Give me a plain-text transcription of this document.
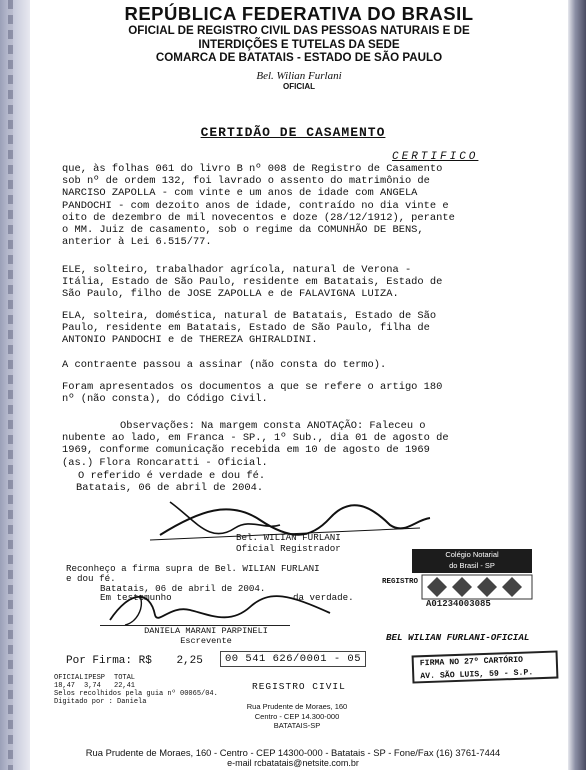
REPÚBLICA FEDERATIVA DO BRASIL
OFICIAL DE REGISTRO CIVIL DAS PESSOAS NATURAIS E DE
INTERDIÇÕES E TUTELAS DA SEDE
COMARCA DE BATATAIS - ESTADO DE SÃO PAULO
Bel. Wilian Furlani
OFICIAL
CERTIDÃO DE CASAMENTO
CERTIFICO
que, às folhas 061 do livro B nº 008 de Registro de Casamento
sob nº de ordem 132, foi lavrado o assento do matrimônio de
NARCISO ZAPOLLA - com vinte e um anos de idade com ANGELA
PANDOCHI - com dezoito anos de idade, contraído no dia vinte e
oito de dezembro de mil novecentos e doze (28/12/1912), perante
o MM. Juiz de casamento, sob o regime da COMUNHÃO DE BENS,
anterior à Lei 6.515/77.
ELE, solteiro, trabalhador agrícola, natural de Verona -
Itália, Estado de São Paulo, residente em Batatais, Estado de
São Paulo, filho de JOSE ZAPOLLA e de FALAVIGNA LUIZA.
ELA, solteira, doméstica, natural de Batatais, Estado de São
Paulo, residente em Batatais, Estado de São Paulo, filha de
ANTONIO PANDOCHI e de THEREZA GHIRALDINI.
A contraente passou a assinar (não consta do termo).
Foram apresentados os documentos a que se refere o artigo 180
nº (não consta), do Código Civil.
Observações: Na margem consta ANOTAÇÃO: Faleceu o
nubente ao lado, em Franca - SP., 1º Sub., dia 01 de agosto de
1969, conforme comunicação recebida em 10 de agosto de 1969
(as.) Flora Roncaratti - Oficial.
O referido é verdade e dou fé.
Batatais, 06 de abril de 2004.
Bel. WILIAN FURLANI
Oficial Registrador
Reconheço a firma supra de Bel. WILIAN FURLANI
e dou fé.
Batatais, 06 de abril de 2004.
Em testemunho	da verdade.
DANIELA MARANI PARPINELI
Escrevente
Colégio Notarial
do Brasil - SP
REGISTRO
A01234003085
BEL WILIAN FURLANI-OFICIAL
FIRMA NO 27º CARTÓRIO
AV. SÃO LUIS, 59 - S.P.
Por Firma: R$ 2,25	00 541 626/0001 - 05
OFICIALIPESP TOTAL
18,47 3,74 22,41
Selos recolhidos pela guia nº 00065/04.
Digitado por : Daniela
REGISTRO CIVIL
Rua Prudente de Moraes, 160
Centro - CEP 14.300-000
BATATAIS-SP
Rua Prudente de Moraes, 160 - Centro - CEP 14300-000 - Batatais - SP - Fone/Fax (16) 3761-7444
e-mail rcbatatais@netsite.com.br
